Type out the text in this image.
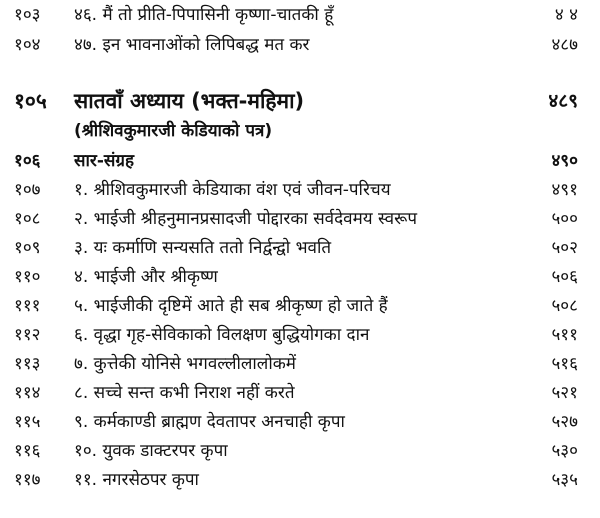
१०३	४६. मैं तो प्रीति-पिपासिनी कृष्णा-चातकी हूँ	४ ४
१०४	४७. इन भावनाओंको लिपिबद्ध मत कर	४८७
१०५	सातवाँ अध्याय (भक्त-महिमा)	४८९
(श्रीशिवकुमारजी केडियाको पत्र)
१०६	सार-संग्रह	४९०
१०७	१. श्रीशिवकुमारजी केडियाका वंश एवं जीवन-परिचय	४९१
१०८	२. भाईजी श्रीहनुमानप्रसादजी पोद्दारका सर्वदेवमय स्वरूप	५००
१०९	३. यः कर्माणि सन्यसति ततो निर्द्वन्द्वो भवति	५०२
११०	४. भाईजी और श्रीकृष्ण	५०६
१११	५. भाईजीकी दृष्टिमें आते ही सब श्रीकृष्ण हो जाते हैं	५०८
११२	६. वृद्धा गृह-सेविकाको विलक्षण बुद्धियोगका दान	५११
११३	७. कुत्तेकी योनिसे भगवल्लीलालोकमें	५१६
११४	८. सच्चे सन्त कभी निराश नहीं करते	५२१
११५	९. कर्मकाण्डी ब्राह्मण देवतापर अनचाही कृपा	५२७
११६	१०. युवक डाक्टरपर कृपा	५३०
११७	११. नगरसेठपर कृपा	५३५
